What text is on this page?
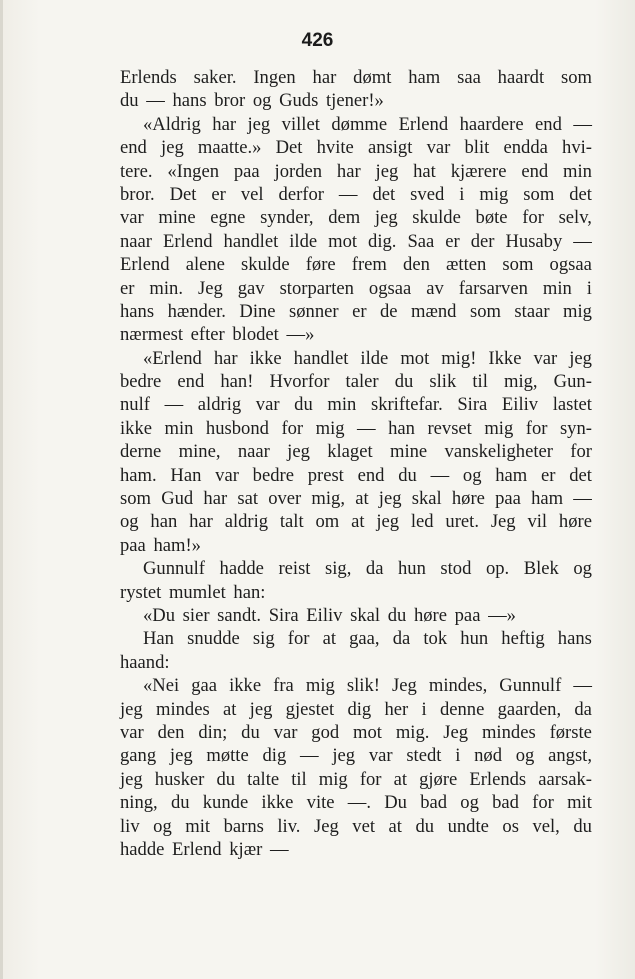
426
Erlends saker. Ingen har dømt ham saa haardt som
du — hans bror og Guds tjener!»
«Aldrig har jeg villet dømme Erlend haardere end —
end jeg maatte.» Det hvite ansigt var blit endda hvi-
tere. «Ingen paa jorden har jeg hat kjærere end min
bror. Det er vel derfor — det sved i mig som det
var mine egne synder, dem jeg skulde bøte for selv,
naar Erlend handlet ilde mot dig. Saa er der Husaby —
Erlend alene skulde føre frem den ætten som ogsaa
er min. Jeg gav storparten ogsaa av farsarven min i
hans hænder. Dine sønner er de mænd som staar mig
nærmest efter blodet —»
«Erlend har ikke handlet ilde mot mig! Ikke var jeg
bedre end han! Hvorfor taler du slik til mig, Gun-
nulf — aldrig var du min skriftefar. Sira Eiliv lastet
ikke min husbond for mig — han revset mig for syn-
derne mine, naar jeg klaget mine vanskeligheter for
ham. Han var bedre prest end du — og ham er det
som Gud har sat over mig, at jeg skal høre paa ham —
og han har aldrig talt om at jeg led uret. Jeg vil høre
paa ham!»
Gunnulf hadde reist sig, da hun stod op. Blek og
rystet mumlet han:
«Du sier sandt. Sira Eiliv skal du høre paa —»
Han snudde sig for at gaa, da tok hun heftig hans
haand:
«Nei gaa ikke fra mig slik! Jeg mindes, Gunnulf —
jeg mindes at jeg gjestet dig her i denne gaarden, da
var den din; du var god mot mig. Jeg mindes første
gang jeg møtte dig — jeg var stedt i nød og angst,
jeg husker du talte til mig for at gjøre Erlends aarsak-
ning, du kunde ikke vite —. Du bad og bad for mit
liv og mit barns liv. Jeg vet at du undte os vel, du
hadde Erlend kjær —
